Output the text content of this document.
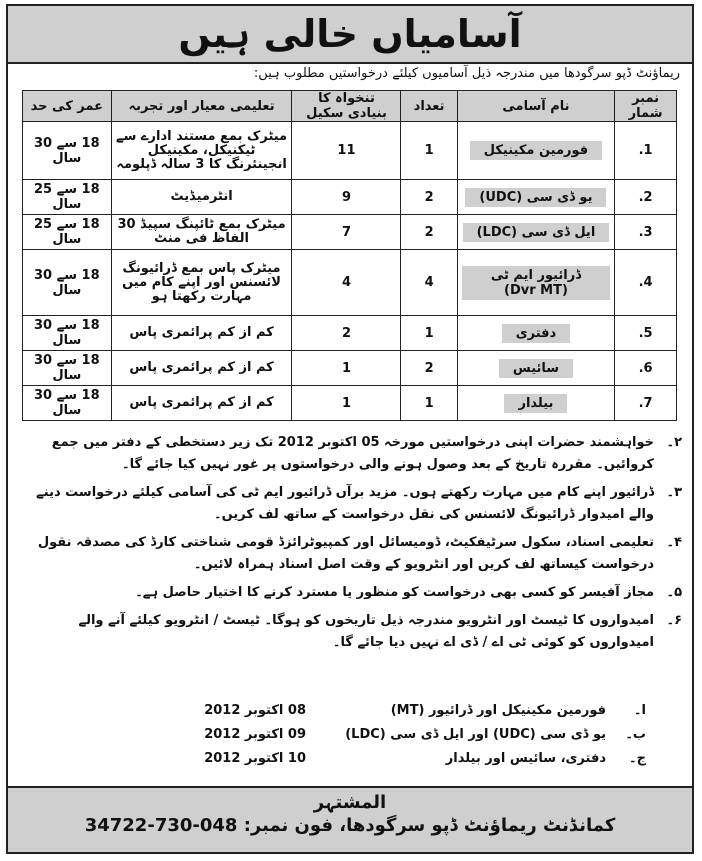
آسامیاں خالی ہیں
ریماؤنٹ ڈپو سرگودھا میں مندرجہ ذیل آسامیوں کیلئے درخواستیں مطلوب ہیں:
نمبر شمار	نام آسامی	تعداد	تنخواہ کا بنیادی سکیل	تعلیمی معیار اور تجربہ	عمر کی حد
1.	فورمین مکینیکل	1	11	میٹرک بمع مستند ادارے سے ٹیکنیکل، مکینیکل انجینئرنگ کا 3 سالہ ڈپلومہ	18 سے 30 سال
2.	یو ڈی سی (UDC)	2	9	انٹرمیڈیٹ	18 سے 25 سال
3.	ایل ڈی سی (LDC)	2	7	میٹرک بمع ٹائپنگ سپیڈ 30 الفاظ فی منٹ	18 سے 25 سال
4.	ڈرائیور ایم ٹی (Dvr MT)	4	4	میٹرک پاس بمع ڈرائیونگ لائسنس اور اپنے کام میں مہارت رکھتا ہو	18 سے 30 سال
5.	دفتری	1	2	کم از کم پرائمری پاس	18 سے 30 سال
6.	سائیس	2	1	کم از کم پرائمری پاس	18 سے 30 سال
7.	بیلدار	1	1	کم از کم پرائمری پاس	18 سے 30 سال
۲۔
خواہشمند حضرات اپنی درخواستیں مورخہ 05 اکتوبر 2012 تک زیر دستخطی کے دفتر میں جمع کروائیں۔ مقررہ تاریخ کے بعد وصول ہونے والی درخواستوں پر غور نہیں کیا جائے گا۔
۳۔
ڈرائیور اپنے کام میں مہارت رکھتے ہوں۔ مزید برآں ڈرائیور ایم ٹی کی آسامی کیلئے درخواست دینے والے امیدوار ڈرائیونگ لائسنس کی نقل درخواست کے ساتھ لف کریں۔
۴۔
تعلیمی اسناد، سکول سرٹیفکیٹ، ڈومیسائل اور کمپیوٹرائزڈ قومی شناختی کارڈ کی مصدقہ نقول درخواست کیساتھ لف کریں اور انٹرویو کے وقت اصل اسناد ہمراہ لائیں۔
۵۔
مجاز آفیسر کو کسی بھی درخواست کو منظور یا مسترد کرنے کا اختیار حاصل ہے۔
۶۔
امیدواروں کا ٹیسٹ اور انٹرویو مندرجہ ذیل تاریخوں کو ہوگا۔ ٹیسٹ / انٹرویو کیلئے آنے والے امیدواروں کو کوئی ٹی اے / ڈی اے نہیں دیا جائے گا۔
ا۔
فورمین مکینیکل اور ڈرائیور (MT)
08 اکتوبر 2012
ب۔
یو ڈی سی (UDC) اور ایل ڈی سی (LDC)
09 اکتوبر 2012
ج۔
دفتری، سائیس اور بیلدار
10 اکتوبر 2012
المشتہر
کمانڈنٹ ریماؤنٹ ڈپو سرگودھا، فون نمبر: 048-730-34722
